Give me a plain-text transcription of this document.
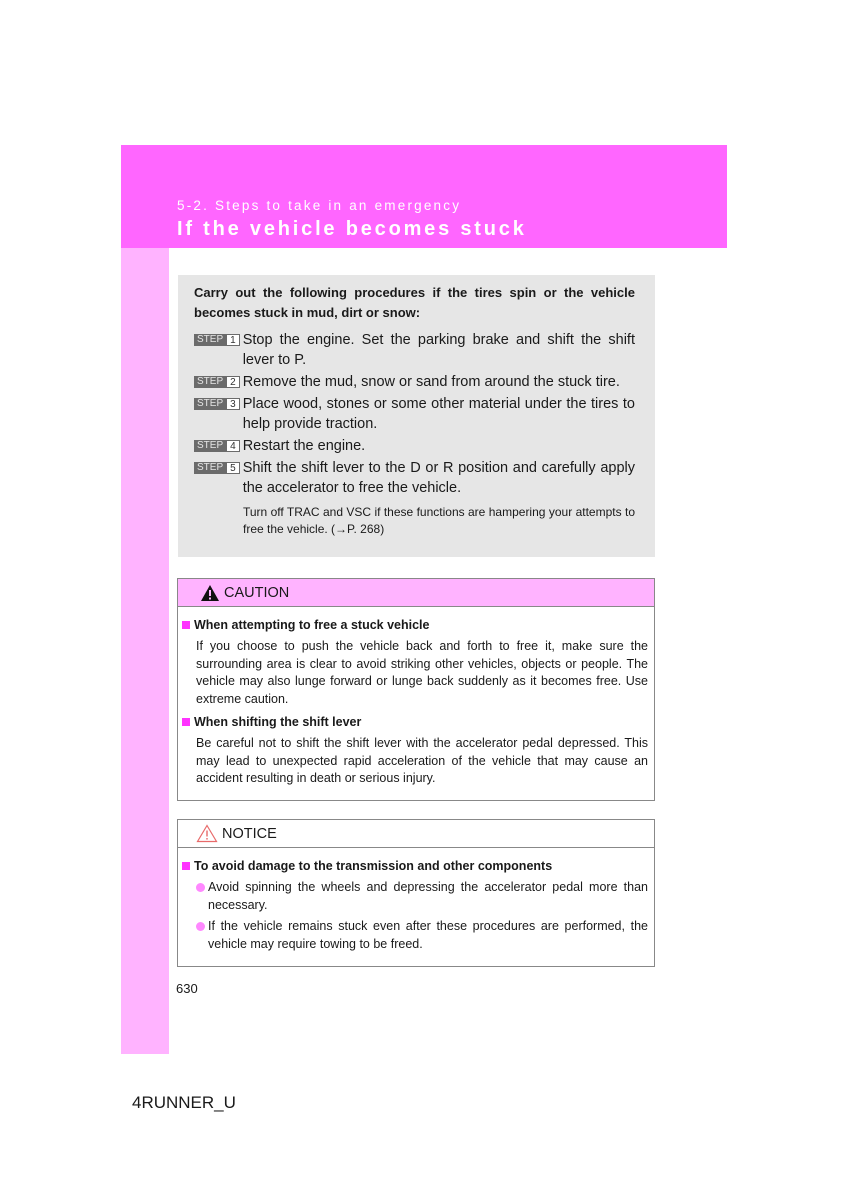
5-2. Steps to take in an emergency
If the vehicle becomes stuck

Carry out the following procedures if the tires spin or the vehicle becomes stuck in mud, dirt or snow:

STEP 1 Stop the engine. Set the parking brake and shift the shift lever to P.
STEP 2 Remove the mud, snow or sand from around the stuck tire.
STEP 3 Place wood, stones or some other material under the tires to help provide traction.
STEP 4 Restart the engine.
STEP 5 Shift the shift lever to the D or R position and carefully apply the accelerator to free the vehicle.
Turn off TRAC and VSC if these functions are hampering your attempts to free the vehicle. (→P. 268)
CAUTION
When attempting to free a stuck vehicle

If you choose to push the vehicle back and forth to free it, make sure the surrounding area is clear to avoid striking other vehicles, objects or people. The vehicle may also lunge forward or lunge back suddenly as it becomes free. Use extreme caution.

When shifting the shift lever

Be careful not to shift the shift lever with the accelerator pedal depressed. This may lead to unexpected rapid acceleration of the vehicle that may cause an accident resulting in death or serious injury.

NOTICE
To avoid damage to the transmission and other components
Avoid spinning the wheels and depressing the accelerator pedal more than necessary.
If the vehicle remains stuck even after these procedures are performed, the vehicle may require towing to be freed.
630
4RUNNER_U
